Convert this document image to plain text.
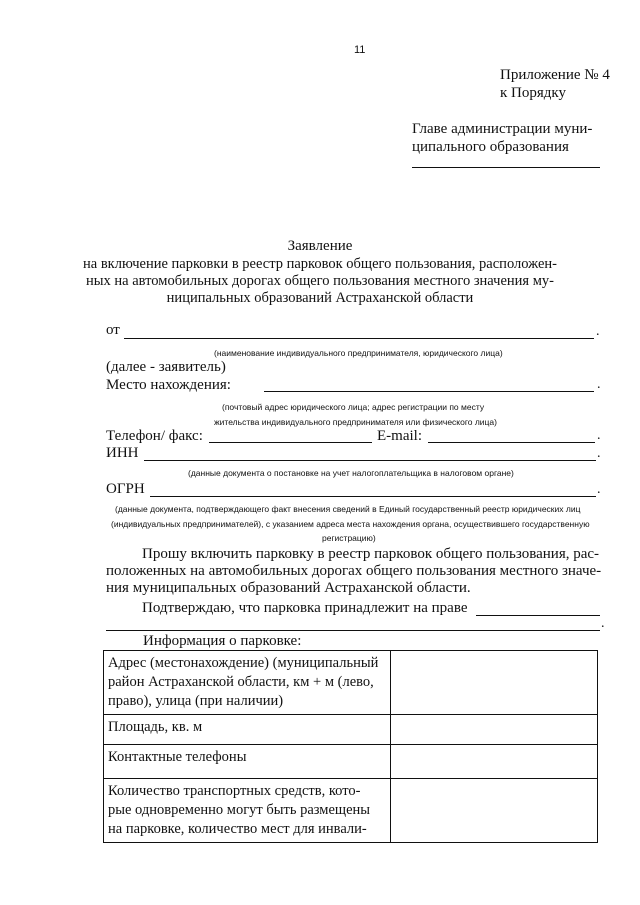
11
Приложение № 4
к Порядку
Главе администрации муни-
ципального образования
Заявление
на включение парковки в реестр парковок общего пользования, расположен-
ных на автомобильных дорогах общего пользования местного значения му-
ниципальных образований Астраханской области
от	.
(наименование индивидуального предпринимателя, юридического лица)
(далее - заявитель)
Место нахождения:	.
(почтовый адрес юридического лица; адрес регистрации по месту
жительства индивидуального предпринимателя или физического лица)
Телефон/ факс:	E-mail:	.
ИНН	.
(данные документа о постановке на учет налогоплательщика в налоговом органе)
ОГРН	.
(данные документа, подтверждающего факт внесения сведений в Единый государственный реестр юридических лиц
(индивидуальных предпринимателей), с указанием адреса места нахождения органа, осуществившего государственную
регистрацию)
Прошу включить парковку в реестр парковок общего пользования, рас-
положенных на автомобильных дорогах общего пользования местного значе-
ния муниципальных образований Астраханской области.
Подтверждаю, что парковка принадлежит на праве
.
Информация о парковке:
Адрес (местонахождение) (муниципальный
район Астраханской области, км + м (лево,
право), улица (при наличии)	

Площадь, кв. м	

Контактные телефоны	

Количество транспортных средств, кото-
рые одновременно могут быть размещены
на парковке, количество мест для инвали-	
